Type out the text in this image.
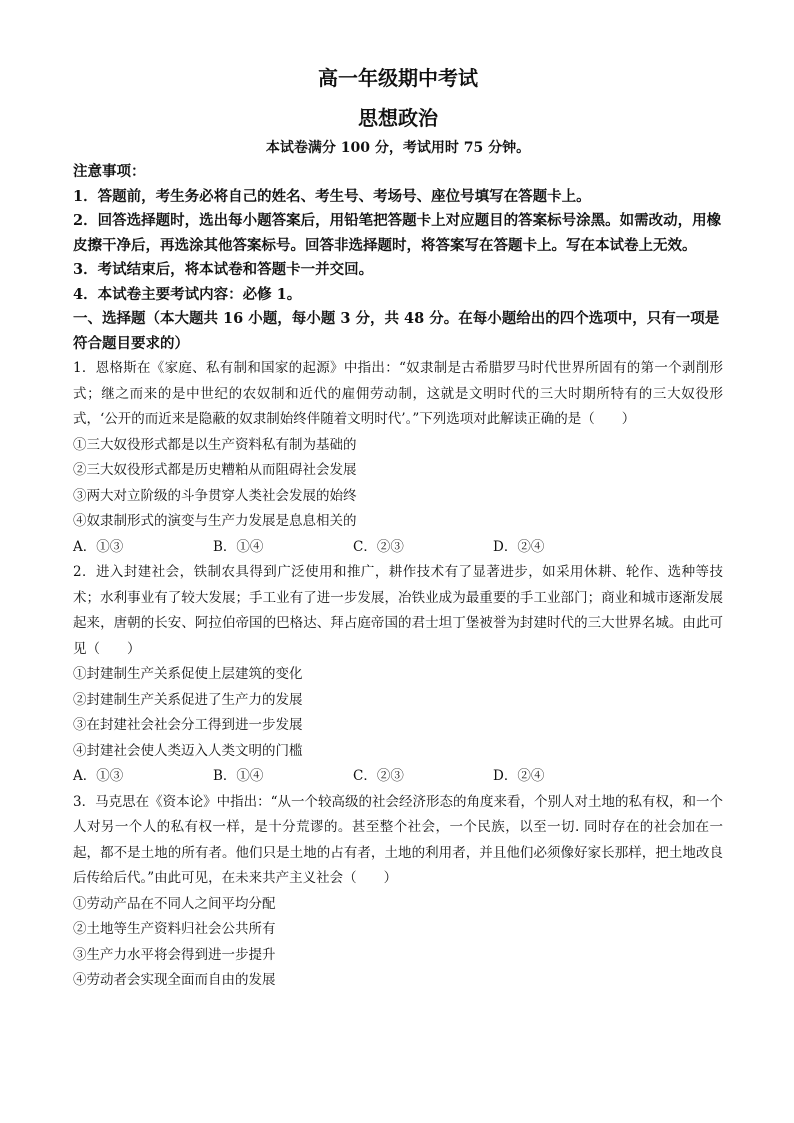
高一年级期中考试
思想政治
本试卷满分 100 分，考试用时 75 分钟。
注意事项：
1．答题前，考生务必将自己的姓名、考生号、考场号、座位号填写在答题卡上。
2．回答选择题时，选出每小题答案后，用铅笔把答题卡上对应题目的答案标号涂黑。如需改动，用橡皮擦干净后，再选涂其他答案标号。回答非选择题时，将答案写在答题卡上。写在本试卷上无效。
3．考试结束后，将本试卷和答题卡一并交回。
4．本试卷主要考试内容：必修 1。
一、选择题（本大题共 16 小题，每小题 3 分，共 48 分。在每小题给出的四个选项中，只有一项是符合题目要求的）
1．恩格斯在《家庭、私有制和国家的起源》中指出：“奴隶制是古希腊罗马时代世界所固有的第一个剥削形式；继之而来的是中世纪的农奴制和近代的雇佣劳动制，这就是文明时代的三大时期所特有的三大奴役形式，‘公开的而近来是隐蔽的奴隶制始终伴随着文明时代’。”下列选项对此解读正确的是（　　）
①三大奴役形式都是以生产资料私有制为基础的
②三大奴役形式都是历史糟粕从而阻碍社会发展
③两大对立阶级的斗争贯穿人类社会发展的始终
④奴隶制形式的演变与生产力发展是息息相关的
A．①③	B．①④	C．②③	D．②④
2．进入封建社会，铁制农具得到广泛使用和推广，耕作技术有了显著进步，如采用休耕、轮作、选种等技术；水利事业有了较大发展；手工业有了进一步发展，冶铁业成为最重要的手工业部门；商业和城市逐渐发展起来，唐朝的长安、阿拉伯帝国的巴格达、拜占庭帝国的君士坦丁堡被誉为封建时代的三大世界名城。由此可见（　　）
①封建制生产关系促使上层建筑的变化
②封建制生产关系促进了生产力的发展
③在封建社会社会分工得到进一步发展
④封建社会使人类迈入人类文明的门槛
A．①③	B．①④	C．②③	D．②④
3．马克思在《资本论》中指出：“从一个较高级的社会经济形态的角度来看，个别人对土地的私有权，和一个人对另一个人的私有权一样，是十分荒谬的。甚至整个社会，一个民族，以至一切. 同时存在的社会加在一起，都不是土地的所有者。他们只是土地的占有者，土地的利用者，并且他们必须像好家长那样，把土地改良后传给后代。”由此可见，在未来共产主义社会（　　）
①劳动产品在不同人之间平均分配
②土地等生产资料归社会公共所有
③生产力水平将会得到进一步提升
④劳动者会实现全面而自由的发展
